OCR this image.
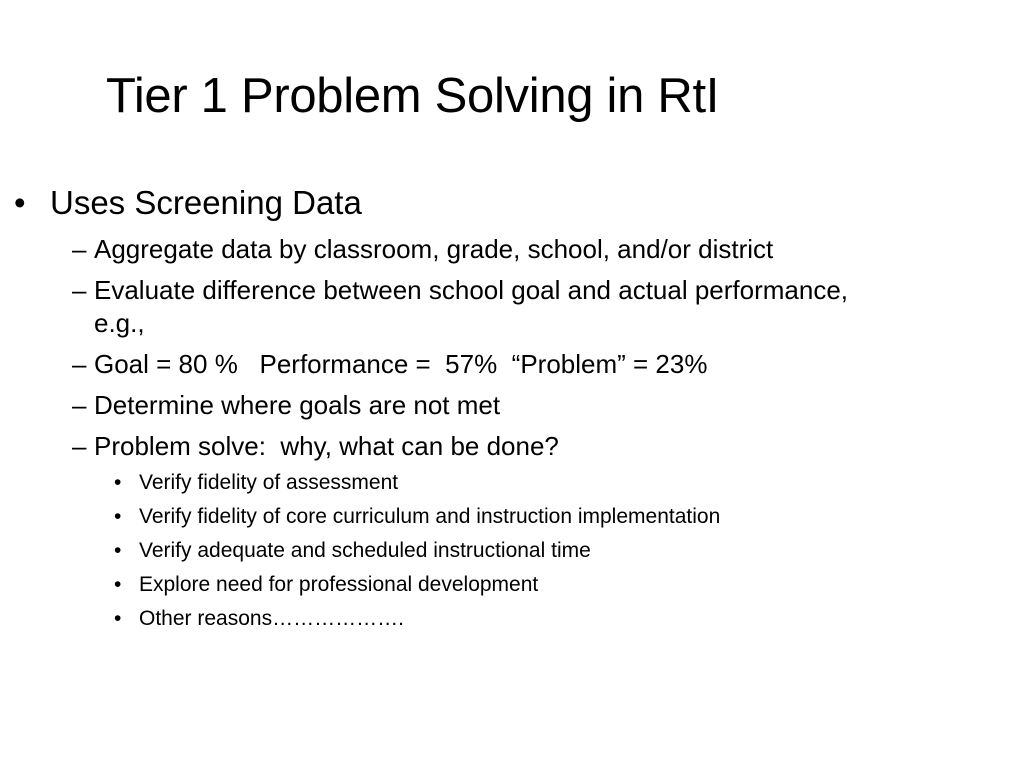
Tier 1 Problem Solving in RtI
• Uses Screening Data
– Aggregate data by classroom, grade, school, and/or district
– Evaluate difference between school goal and actual performance, e.g.,
– Goal = 80 %   Performance =  57%  “Problem” = 23%
– Determine where goals are not met
– Problem solve:  why, what can be done?
• Verify fidelity of assessment
• Verify fidelity of core curriculum and instruction implementation
• Verify adequate and scheduled instructional time
• Explore need for professional development
• Other reasons……………….
